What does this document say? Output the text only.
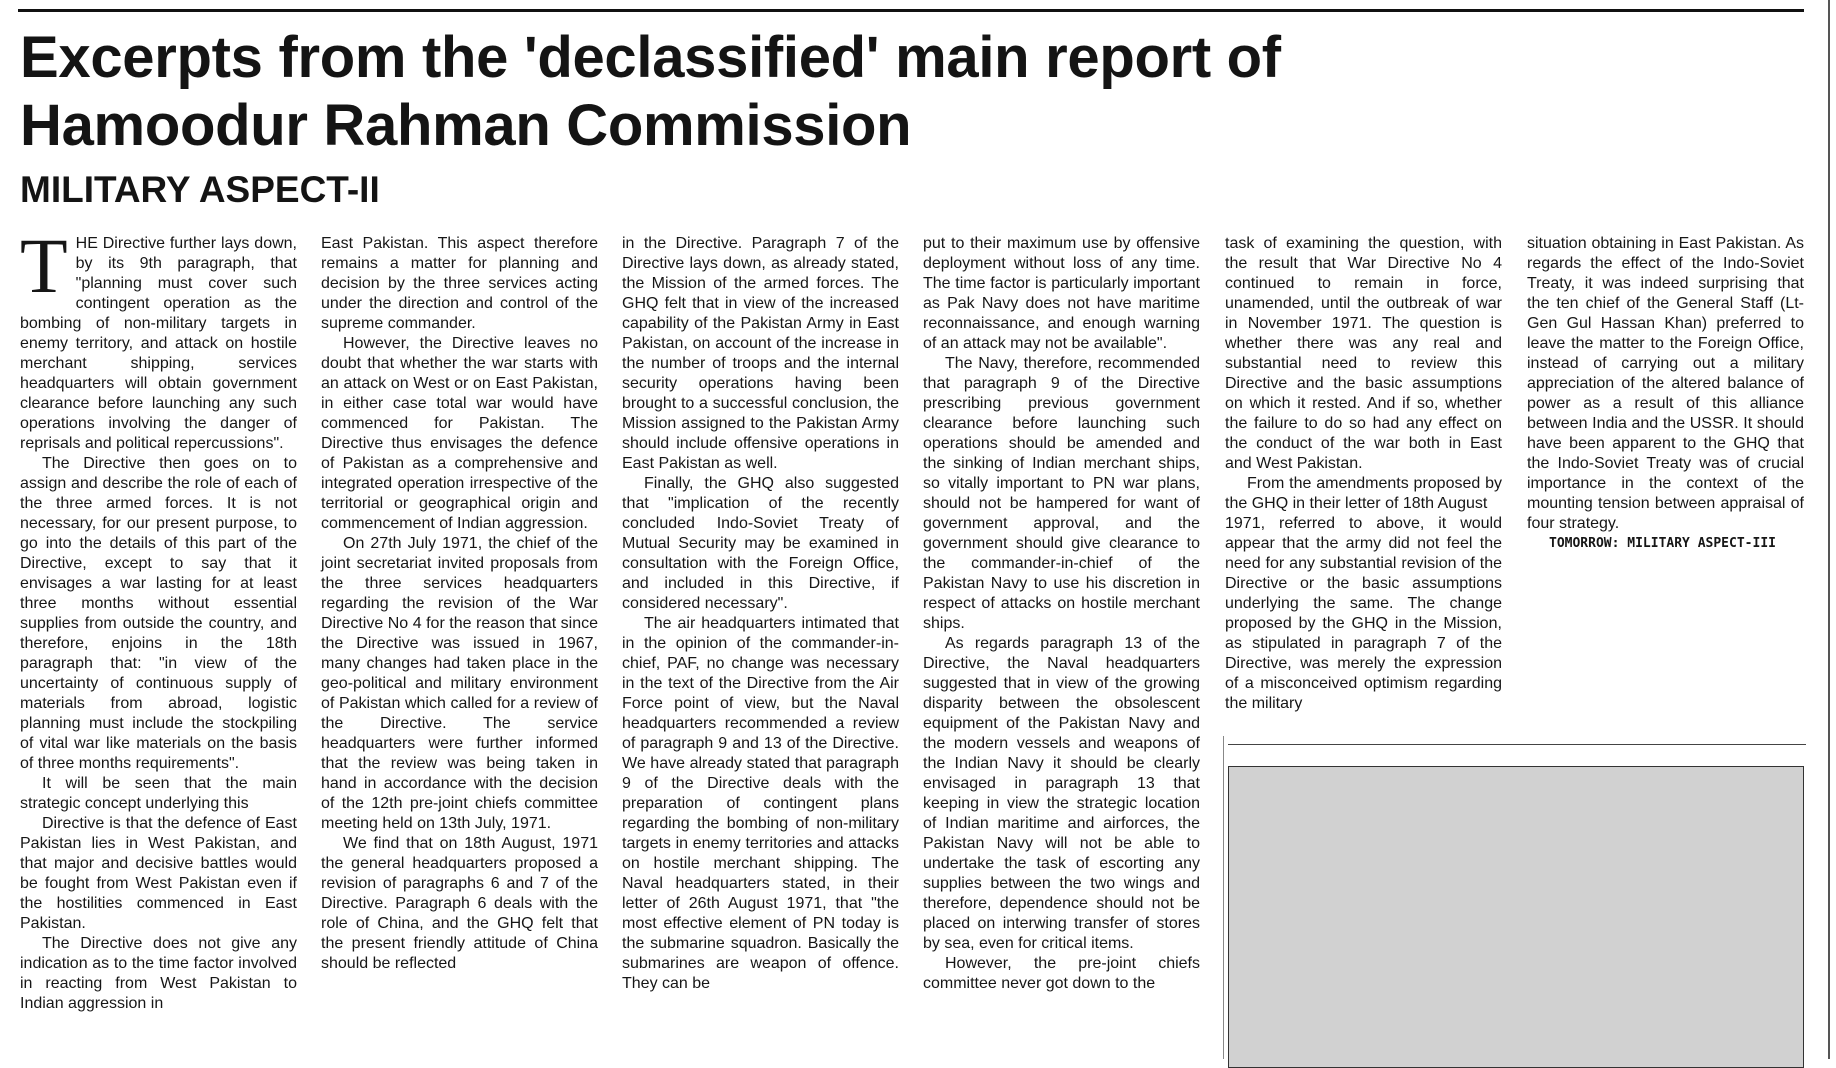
Excerpts from the 'declassified' main report of Hamoodur Rahman Commission
MILITARY ASPECT-II

THE Directive further lays down, by its 9th paragraph, that "planning must cover such contingent operation as the bombing of non-military targets in enemy territory, and attack on hostile merchant shipping, services headquarters will obtain government clearance before launching any such operations involving the danger of reprisals and political repercussions".

The Directive then goes on to assign and describe the role of each of the three armed forces. It is not necessary, for our present purpose, to go into the details of this part of the Directive, except to say that it envisages a war lasting for at least three months without essential supplies from outside the country, and therefore, enjoins in the 18th paragraph that: "in view of the uncertainty of continuous supply of materials from abroad, logistic planning must include the stockpiling of vital war like materials on the basis of three months requirements".

It will be seen that the main strategic concept underlying this

Directive is that the defence of East Pakistan lies in West Pakistan, and that major and decisive battles would be fought from West Pakistan even if the hostilities commenced in East Pakistan.

The Directive does not give any indication as to the time factor involved in reacting from West Pakistan to Indian aggression in

East Pakistan. This aspect therefore remains a matter for planning and decision by the three services acting under the direction and control of the supreme commander.

However, the Directive leaves no doubt that whether the war starts with an attack on West or on East Pakistan, in either case total war would have commenced for Pakistan. The Directive thus envisages the defence of Pakistan as a comprehensive and integrated operation irrespective of the territorial or geographical origin and commencement of Indian aggression.

On 27th July 1971, the chief of the joint secretariat invited proposals from the three services headquarters regarding the revision of the War Directive No 4 for the reason that since the Directive was issued in 1967, many changes had taken place in the geo-political and military environment of Pakistan which called for a review of the Directive. The service headquarters were further informed that the review was being taken in hand in accordance with the decision of the 12th pre-joint chiefs committee meeting held on 13th July, 1971.

We find that on 18th August, 1971 the general headquarters proposed a revision of paragraphs 6 and 7 of the Directive. Paragraph 6 deals with the role of China, and the GHQ felt that the present friendly attitude of China should be reflected

in the Directive. Paragraph 7 of the Directive lays down, as already stated, the Mission of the armed forces. The GHQ felt that in view of the increased capability of the Pakistan Army in East Pakistan, on account of the increase in the number of troops and the internal security operations having been brought to a successful conclusion, the Mission assigned to the Pakistan Army should include offensive operations in East Pakistan as well.

Finally, the GHQ also suggested that "implication of the recently concluded Indo-Soviet Treaty of Mutual Security may be examined in consultation with the Foreign Office, and included in this Directive, if considered necessary".

The air headquarters intimated that in the opinion of the commander-in-chief, PAF, no change was necessary in the text of the Directive from the Air Force point of view, but the Naval headquarters recommended a review of paragraph 9 and 13 of the Directive. We have already stated that paragraph 9 of the Directive deals with the preparation of contingent plans regarding the bombing of non-military targets in enemy territories and attacks on hostile merchant shipping. The Naval headquarters stated, in their letter of 26th August 1971, that "the most effective element of PN today is the submarine squadron. Basically the submarines are weapon of offence. They can be

put to their maximum use by offensive deployment without loss of any time. The time factor is particularly important as Pak Navy does not have maritime reconnaissance, and enough warning of an attack may not be available".

The Navy, therefore, recommended that paragraph 9 of the Directive prescribing previous government clearance before launching such operations should be amended and the sinking of Indian merchant ships, so vitally important to PN war plans, should not be hampered for want of government approval, and the government should give clearance to the commander-in-chief of the Pakistan Navy to use his discretion in respect of attacks on hostile merchant ships.

As regards paragraph 13 of the Directive, the Naval headquarters suggested that in view of the growing disparity between the obsolescent equipment of the Pakistan Navy and the modern vessels and weapons of the Indian Navy it should be clearly envisaged in paragraph 13 that keeping in view the strategic location of Indian maritime and airforces, the Pakistan Navy will not be able to undertake the task of escorting any supplies between the two wings and therefore, dependence should not be placed on interwing transfer of stores by sea, even for critical items.

However, the pre-joint chiefs committee never got down to the

task of examining the question, with the result that War Directive No 4 continued to remain in force, unamended, until the outbreak of war in November 1971. The question is whether there was any real and substantial need to review this Directive and the basic assumptions on which it rested. And if so, whether the failure to do so had any effect on the conduct of the war both in East and West Pakistan.

From the amendments proposed by the GHQ in their letter of 18th August

1971, referred to above, it would appear that the army did not feel the need for any substantial revision of the Directive or the basic assumptions underlying the same. The change proposed by the GHQ in the Mission, as stipulated in paragraph 7 of the Directive, was merely the expression of a misconceived optimism regarding the military

situation obtaining in East Pakistan. As regards the effect of the Indo-Soviet Treaty, it was indeed surprising that the ten chief of the General Staff (Lt-Gen Gul Hassan Khan) preferred to leave the matter to the Foreign Office, instead of carrying out a military appreciation of the altered balance of power as a result of this alliance between India and the USSR. It should have been apparent to the GHQ that the Indo-Soviet Treaty was of crucial importance in the context of the mounting tension between appraisal of four strategy.

TOMORROW: MILITARY ASPECT-III
